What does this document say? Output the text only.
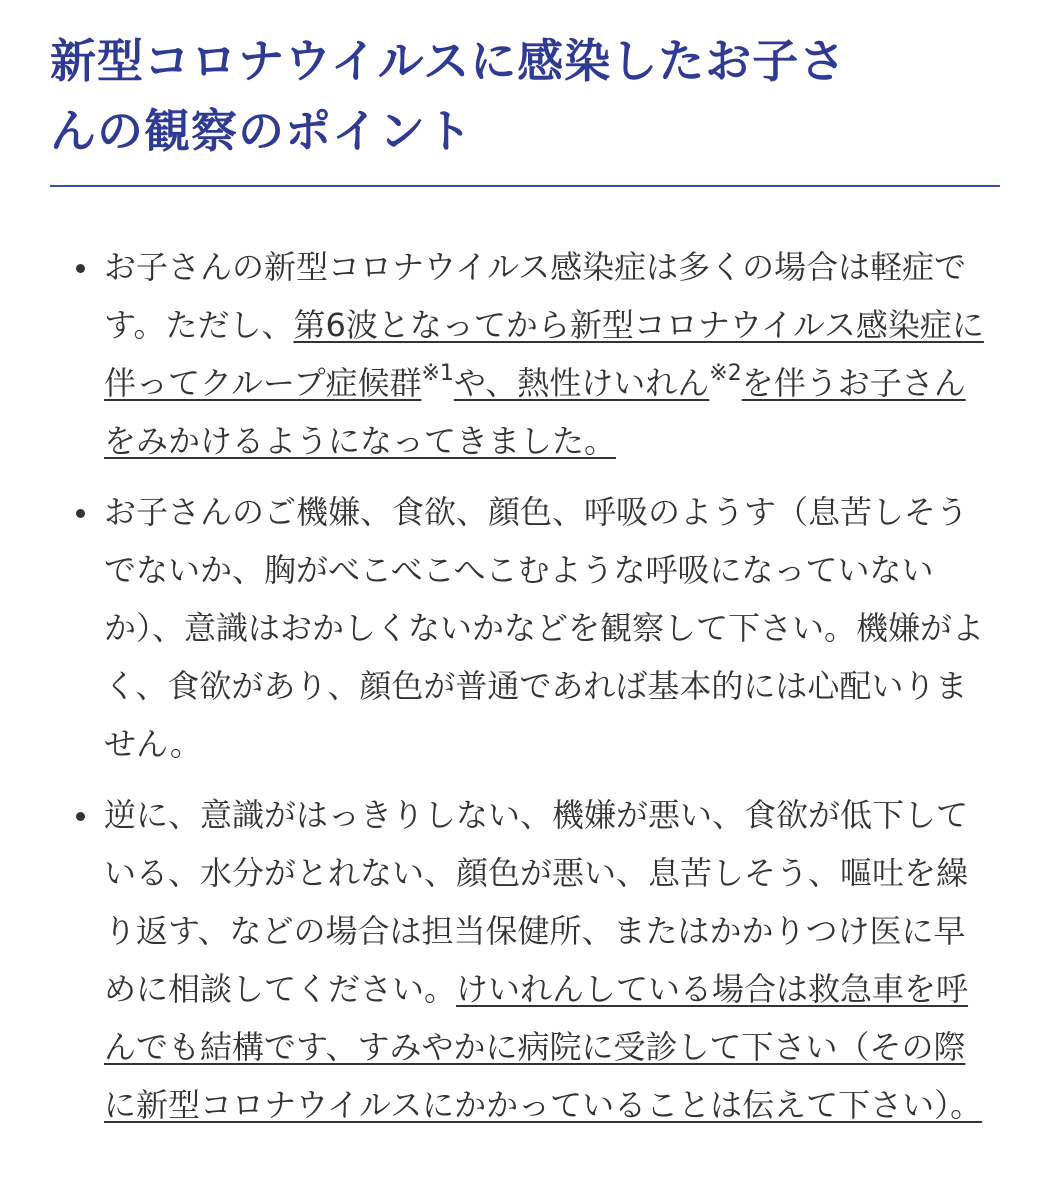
新型コロナウイルスに感染したお子さんの観察のポイント
お子さんの新型コロナウイルス感染症は多くの場合は軽症です。ただし、第6波となってから新型コロナウイルス感染症に伴ってクループ症候群$^{※1}$や、熱性けいれん$^{※2}$を伴うお子さんをみかけるようになってきました。
お子さんのご機嫌、食欲、顔色、呼吸のようす（息苦しそうでないか、胸がべこべこへこむような呼吸になっていないか）、意識はおかしくないかなどを観察して下さい。機嫌がよく、食欲があり、顔色が普通であれば基本的には心配いりません。
逆に、意識がはっきりしない、機嫌が悪い、食欲が低下している、水分がとれない、顔色が悪い、息苦しそう、嘔吐を繰り返す、などの場合は担当保健所、またはかかりつけ医に早めに相談してください。けいれんしている場合は救急車を呼んでも結構です、すみやかに病院に受診して下さい（その際に新型コロナウイルスにかかっていることは伝えて下さい）。
